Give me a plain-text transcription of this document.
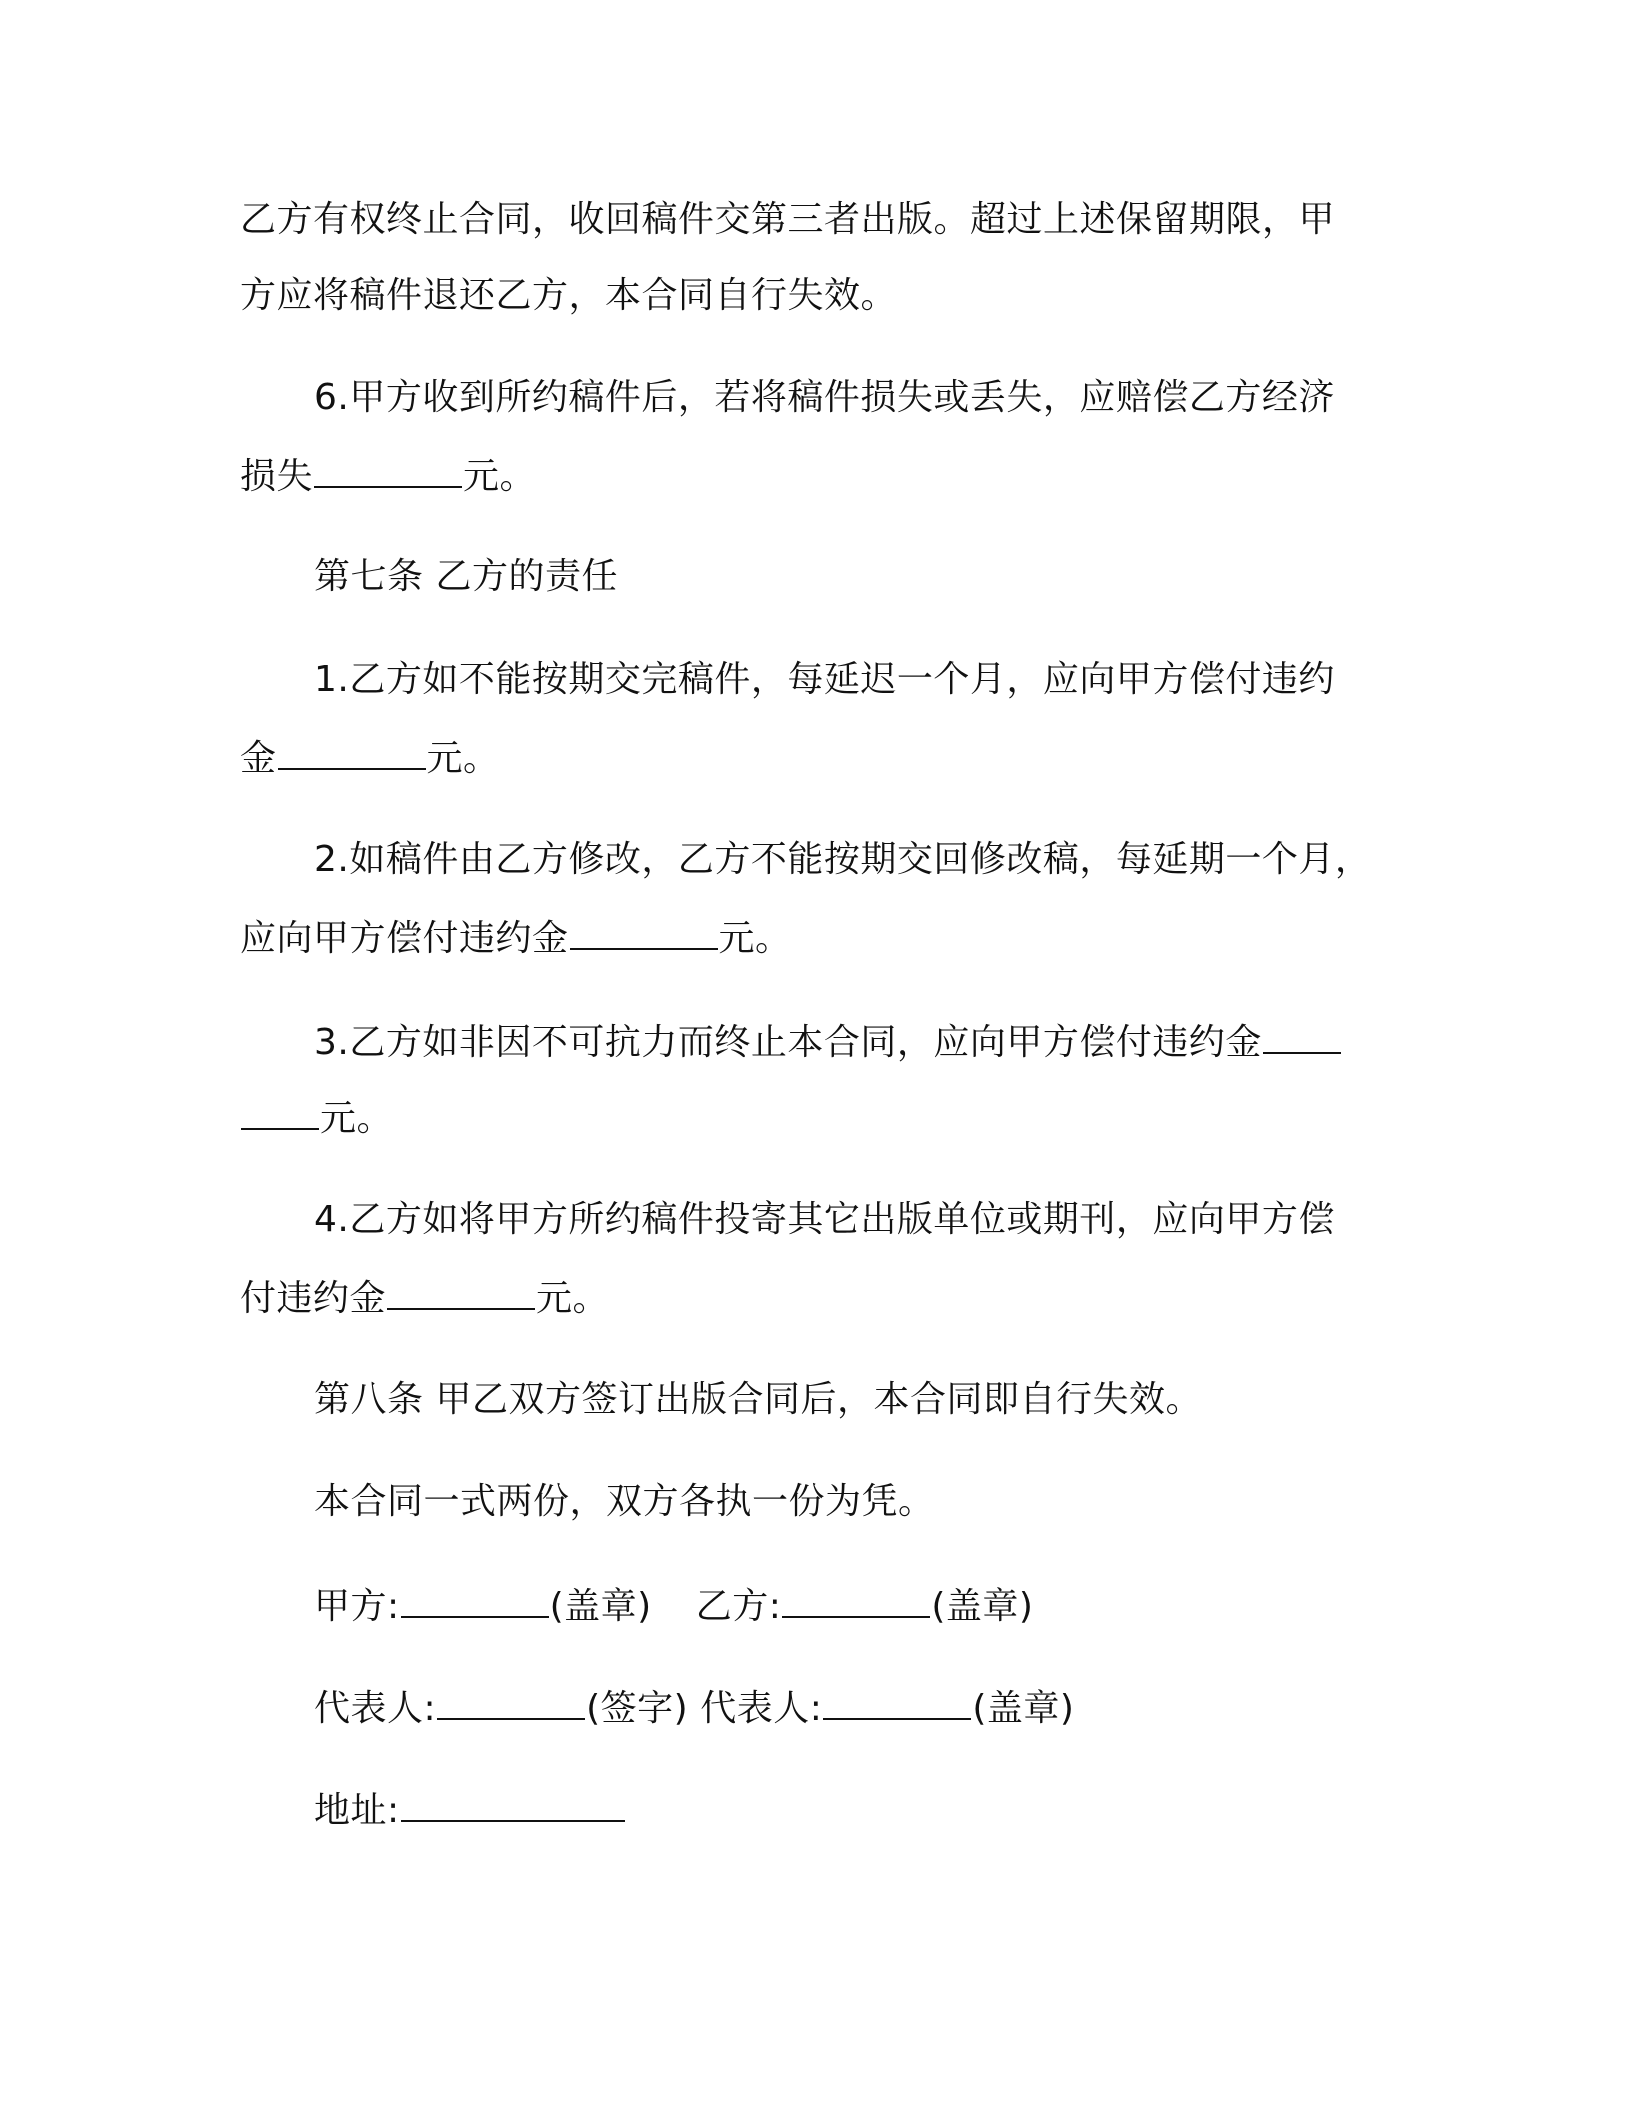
乙方有权终止合同，收回稿件交第三者出版。超过上述保留期限，甲
方应将稿件退还乙方，本合同自行失效。
6.甲方收到所约稿件后，若将稿件损失或丢失，应赔偿乙方经济
损失	元。
第七条 乙方的责任
1.乙方如不能按期交完稿件，每延迟一个月，应向甲方偿付违约
金	元。
2.如稿件由乙方修改，乙方不能按期交回修改稿，每延期一个月，
应向甲方偿付违约金	元。
3.乙方如非因不可抗力而终止本合同，应向甲方偿付违约金
元。
4.乙方如将甲方所约稿件投寄其它出版单位或期刊，应向甲方偿
付违约金	元。
第八条 甲乙双方签订出版合同后，本合同即自行失效。
本合同一式两份，双方各执一份为凭。
甲方:	(盖章) 乙方:	(盖章)
代表人:	(签字) 代表人:	(盖章)
地址:
